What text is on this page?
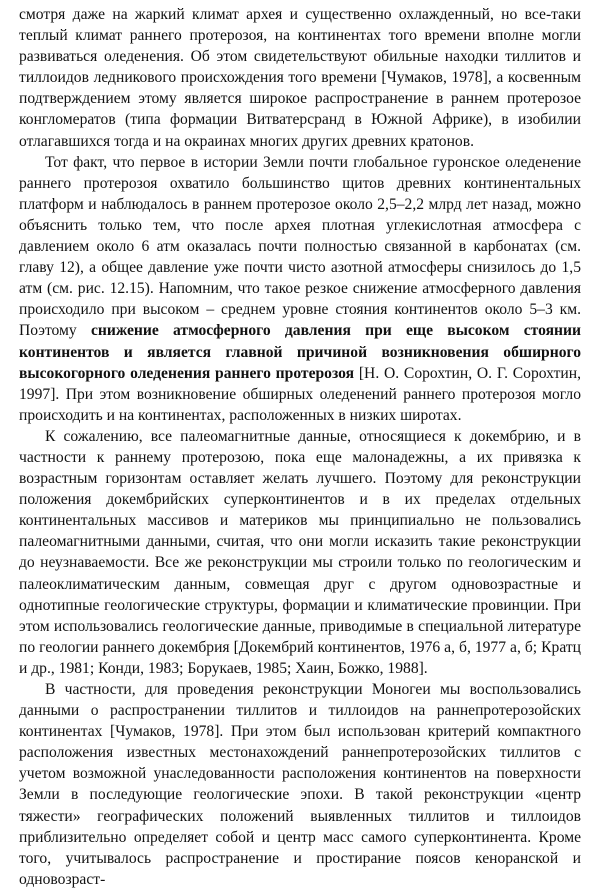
смотря даже на жаркий климат архея и существенно охлажденный, но все-таки теплый климат раннего протерозоя, на континентах того времени вполне могли развиваться оледенения. Об этом свидетельствуют обильные находки тиллитов и тиллоидов ледникового происхождения того времени [Чумаков, 1978], а косвенным подтверждением этому является широкое распространение в раннем протерозое конгломератов (типа формации Витватерсранд в Южной Африке), в изобилии отлагавшихся тогда и на окраинах многих других древних кратонов.

Тот факт, что первое в истории Земли почти глобальное гуронское оледенение раннего протерозоя охватило большинство щитов древних континентальных платформ и наблюдалось в раннем протерозое около 2,5–2,2 млрд лет назад, можно объяснить только тем, что после архея плотная углекислотная атмосфера с давлением около 6 атм оказалась почти полностью связанной в карбонатах (см. главу 12), а общее давление уже почти чисто азотной атмосферы снизилось до 1,5 атм (см. рис. 12.15). Напомним, что такое резкое снижение атмосферного давления происходило при высоком – среднем уровне стояния континентов около 5–3 км. Поэтому снижение атмосферного давления при еще высоком стоянии континентов и является главной причиной возникновения обширного высокогорного оледенения раннего протерозоя [Н. О. Сорохтин, О. Г. Сорохтин, 1997]. При этом возникновение обширных оледенений раннего протерозоя могло происходить и на континентах, расположенных в низких широтах.

К сожалению, все палеомагнитные данные, относящиеся к докембрию, и в частности к раннему протерозою, пока еще малонадежны, а их привязка к возрастным горизонтам оставляет желать лучшего. Поэтому для реконструкции положения докембрийских суперконтинентов и в их пределах отдельных континентальных массивов и материков мы принципиально не пользовались палеомагнитными данными, считая, что они могли исказить такие реконструкции до неузнаваемости. Все же реконструкции мы строили только по геологическим и палеоклиматическим данным, совмещая друг с другом одновозрастные и однотипные геологические структуры, формации и климатические провинции. При этом использовались геологические данные, приводимые в специальной литературе по геологии раннего докембрия [Докембрий континентов, 1976 а, б, 1977 а, б; Кратц и др., 1981; Конди, 1983; Борукаев, 1985; Хаин, Божко, 1988].

В частности, для проведения реконструкции Моногеи мы воспользовались данными о распространении тиллитов и тиллоидов на раннепротерозойских континентах [Чумаков, 1978]. При этом был использован критерий компактного расположения известных местонахождений раннепротерозойских тиллитов с учетом возможной унаследованности расположения континентов на поверхности Земли в последующие геологические эпохи. В такой реконструкции «центр тяжести» географических положений выявленных тиллитов и тиллоидов приблизительно определяет собой и центр масс самого суперконтинента. Кроме того, учитывалось распространение и простирание поясов кеноранской и одновозраст-
